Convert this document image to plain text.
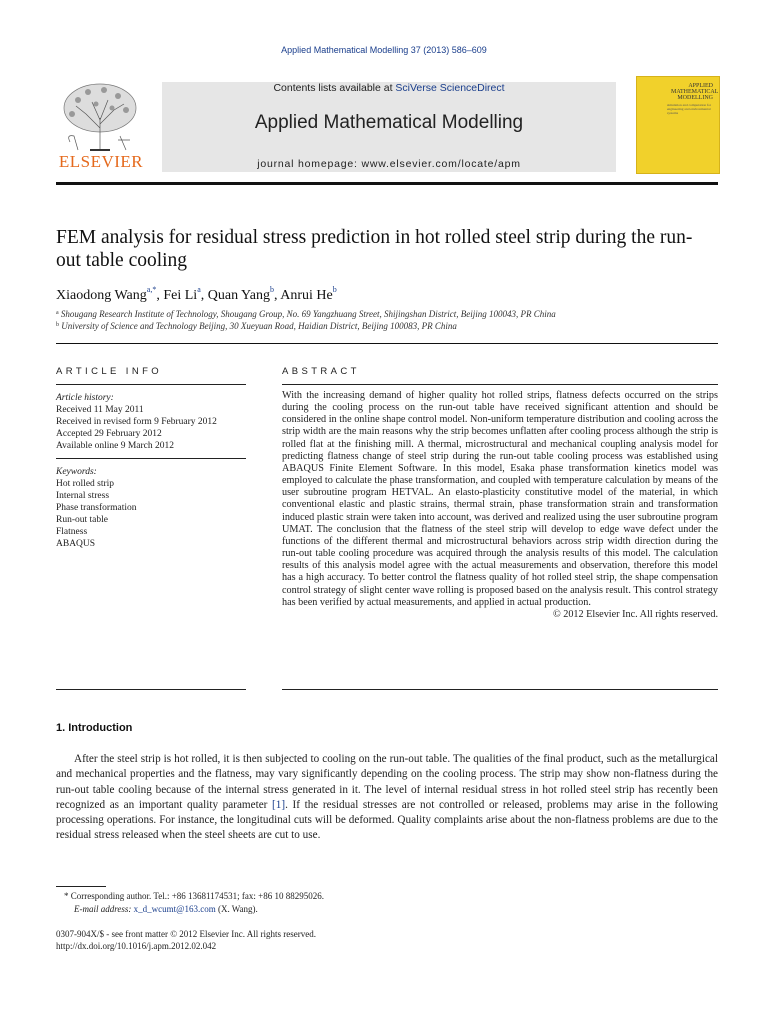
Applied Mathematical Modelling 37 (2013) 586–609
ELSEVIER
Contents lists available at SciVerse ScienceDirect
Applied Mathematical Modelling
journal homepage: www.elsevier.com/locate/apm
APPLIED MATHEMATICAL MODELLING
simulation and computation for engineering and environmental systems
FEM analysis for residual stress prediction in hot rolled steel strip during the run-out table cooling
Xiaodong Wang$^{a,*}$, Fei Li$^a$, Quan Yang$^b$, Anrui He$^b$
$^a$ Shougang Research Institute of Technology, Shougang Group, No. 69 Yangzhuang Street, Shijingshan District, Beijing 100043, PR China
$^b$ University of Science and Technology Beijing, 30 Xueyuan Road, Haidian District, Beijing 100083, PR China
ARTICLE INFO
Article history:
Received 11 May 2011
Received in revised form 9 February 2012
Accepted 29 February 2012
Available online 9 March 2012
Keywords:
Hot rolled strip
Internal stress
Phase transformation
Run-out table
Flatness
ABAQUS
ABSTRACT
With the increasing demand of higher quality hot rolled strips, flatness defects occurred on the strips during the cooling process on the run-out table have received significant attention and should be considered in the online shape control model. Non-uniform temperature distribution and cooling across the strip width are the main reasons why the strip becomes unflatten after cooling process although the strip is rolled flat at the finishing mill. A thermal, microstructural and mechanical coupling analysis model for predicting flatness change of steel strip during the run-out table cooling process was established using ABAQUS Finite Element Software. In this model, Esaka phase transformation kinetics model was employed to calculate the phase transformation, and coupled with temperature calculation by means of the user subroutine program HETVAL. An elasto-plasticity constitutive model of the material, in which conventional elastic and plastic strains, thermal strain, phase transformation strain and transformation induced plastic strain were taken into account, was derived and realized using the user subroutine program UMAT. The conclusion that the flatness of the steel strip will develop to edge wave defect under the functions of the different thermal and microstructural behaviors across strip width direction during the run-out table cooling procedure was acquired through the analysis results of this model. The calculation results of this analysis model agree with the actual measurements and observation, therefore this model has a high accuracy. To better control the flatness quality of hot rolled steel strip, the shape compensation control strategy of slight center wave rolling is proposed based on the analysis result. This control strategy has been verified by actual measurements, and applied in actual production.
© 2012 Elsevier Inc. All rights reserved.
1. Introduction
After the steel strip is hot rolled, it is then subjected to cooling on the run-out table. The qualities of the final product, such as the metallurgical and mechanical properties and the flatness, may vary significantly depending on the cooling process. The strip may show non-flatness during the run-out table cooling because of the internal stress generated in it. The level of internal residual stress in hot rolled steel strip has recently been recognized as an important quality parameter [1]. If the residual stresses are not controlled or released, problems may arise in the following processing operations. For instance, the longitudinal cuts will be deformed. Quality complaints arise about the non-flatness problems are due to the residual stress released when the steel sheets are cut to use.
* Corresponding author. Tel.: +86 13681174531; fax: +86 10 88295026.
E-mail address: x_d_wcumt@163.com (X. Wang).
0307-904X/$ - see front matter © 2012 Elsevier Inc. All rights reserved.
http://dx.doi.org/10.1016/j.apm.2012.02.042
